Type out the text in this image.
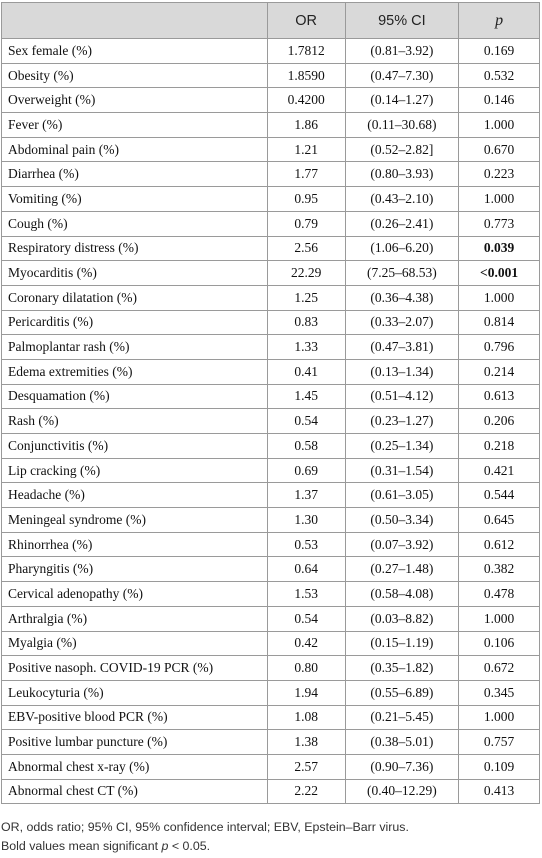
	OR	95% CI	p
Sex female (%)	1.7812	(0.81–3.92)	0.169
Obesity (%)	1.8590	(0.47–7.30)	0.532
Overweight (%)	0.4200	(0.14–1.27)	0.146
Fever (%)	1.86	(0.11–30.68)	1.000
Abdominal pain (%)	1.21	(0.52–2.82]	0.670
Diarrhea (%)	1.77	(0.80–3.93)	0.223
Vomiting (%)	0.95	(0.43–2.10)	1.000
Cough (%)	0.79	(0.26–2.41)	0.773
Respiratory distress (%)	2.56	(1.06–6.20)	0.039
Myocarditis (%)	22.29	(7.25–68.53)	<0.001
Coronary dilatation (%)	1.25	(0.36–4.38)	1.000
Pericarditis (%)	0.83	(0.33–2.07)	0.814
Palmoplantar rash (%)	1.33	(0.47–3.81)	0.796
Edema extremities (%)	0.41	(0.13–1.34)	0.214
Desquamation (%)	1.45	(0.51–4.12)	0.613
Rash (%)	0.54	(0.23–1.27)	0.206
Conjunctivitis (%)	0.58	(0.25–1.34)	0.218
Lip cracking (%)	0.69	(0.31–1.54)	0.421
Headache (%)	1.37	(0.61–3.05)	0.544
Meningeal syndrome (%)	1.30	(0.50–3.34)	0.645
Rhinorrhea (%)	0.53	(0.07–3.92)	0.612
Pharyngitis (%)	0.64	(0.27–1.48)	0.382
Cervical adenopathy (%)	1.53	(0.58–4.08)	0.478
Arthralgia (%)	0.54	(0.03–8.82)	1.000
Myalgia (%)	0.42	(0.15–1.19)	0.106
Positive nasoph. COVID-19 PCR (%)	0.80	(0.35–1.82)	0.672
Leukocyturia (%)	1.94	(0.55–6.89)	0.345
EBV-positive blood PCR (%)	1.08	(0.21–5.45)	1.000
Positive lumbar puncture (%)	1.38	(0.38–5.01)	0.757
Abnormal chest x-ray (%)	2.57	(0.90–7.36)	0.109
Abnormal chest CT (%)	2.22	(0.40–12.29)	0.413
OR, odds ratio; 95% CI, 95% confidence interval; EBV, Epstein–Barr virus.
Bold values mean significant p < 0.05.
